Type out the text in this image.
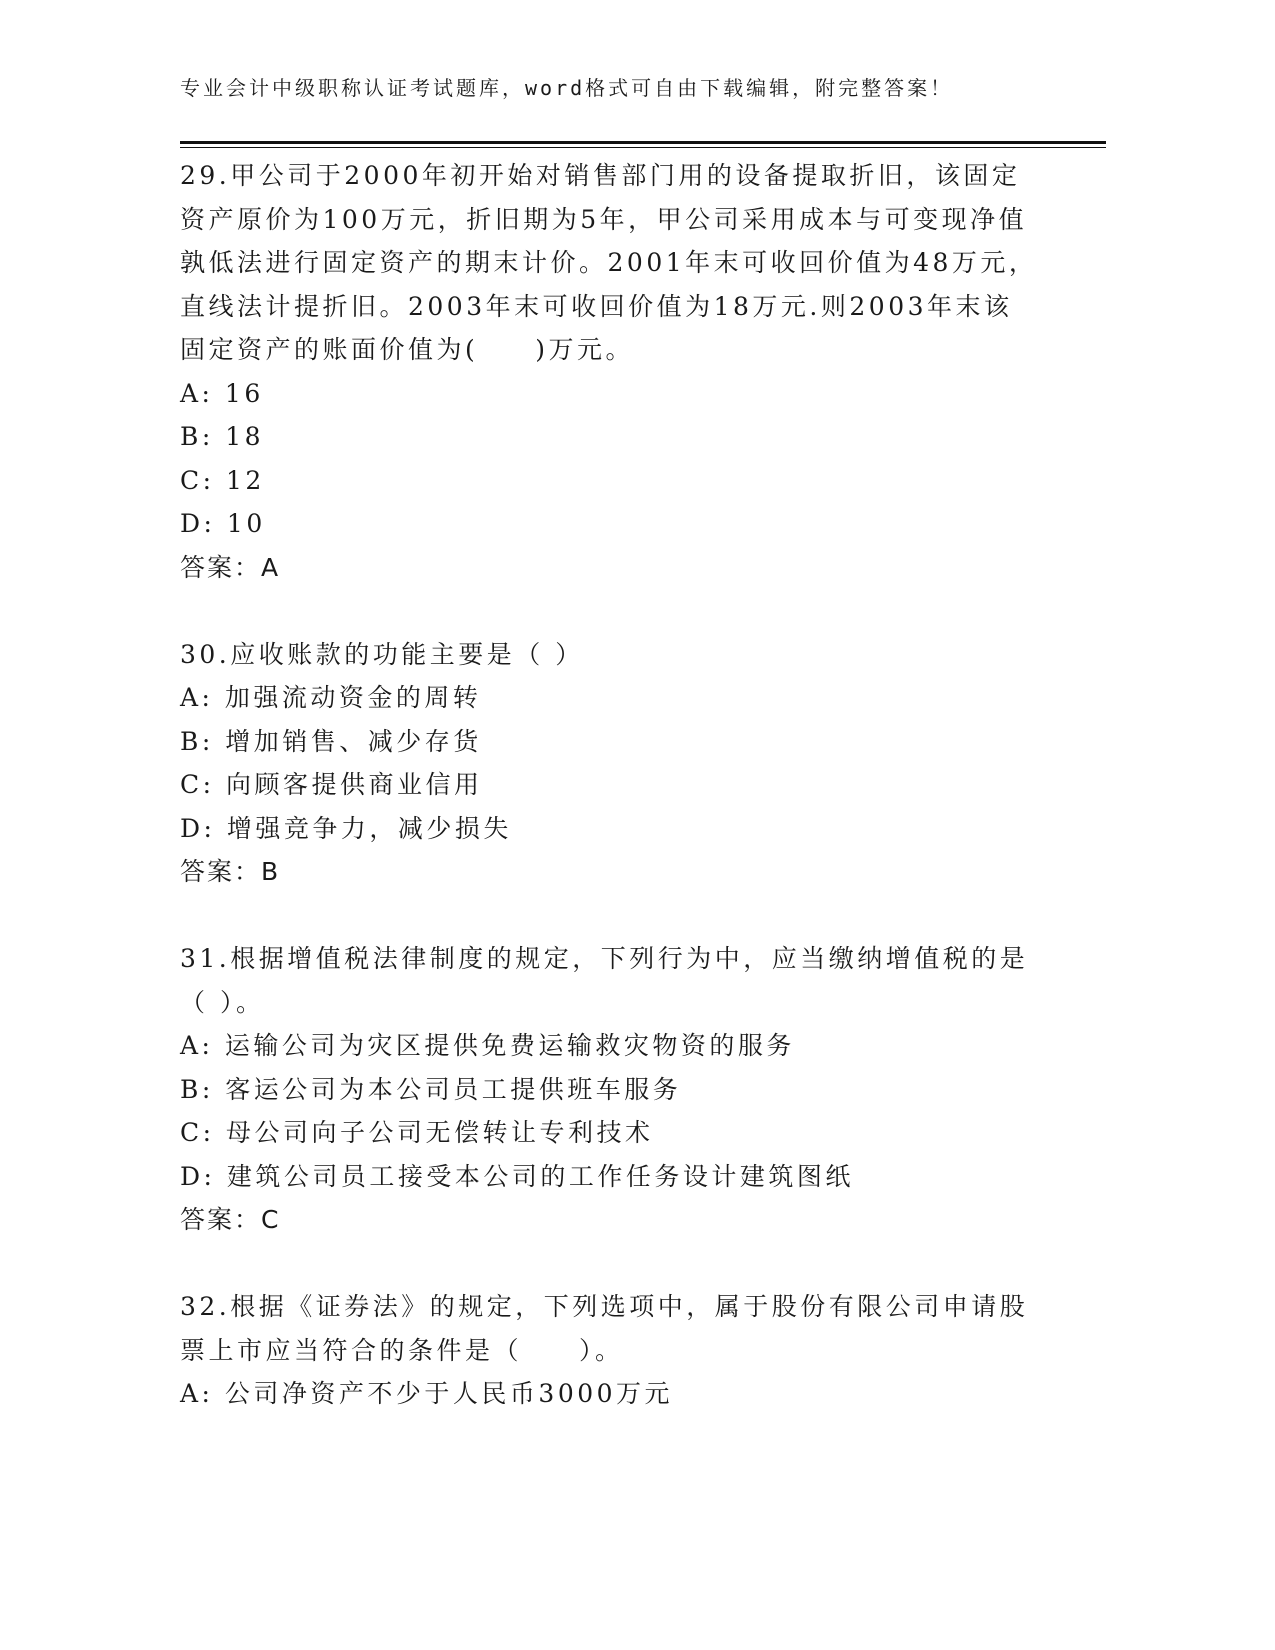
专业会计中级职称认证考试题库，word格式可自由下载编辑，附完整答案！

29.甲公司于2000年初开始对销售部门用的设备提取折旧，该固定资产原价为100万元，折旧期为5年，甲公司采用成本与可变现净值孰低法进行固定资产的期末计价。2001年末可收回价值为48万元，直线法计提折旧。2003年末可收回价值为18万元.则2003年末该固定资产的账面价值为(　　)万元。

A: 16

B: 18

C: 12

D: 10

答案：A

30.应收账款的功能主要是（ ）

A: 加强流动资金的周转

B: 增加销售、减少存货

C: 向顾客提供商业信用

D: 增强竞争力，减少损失

答案：B

31.根据增值税法律制度的规定，下列行为中，应当缴纳增值税的是（ ）。

A: 运输公司为灾区提供免费运输救灾物资的服务

B: 客运公司为本公司员工提供班车服务

C: 母公司向子公司无偿转让专利技术

D: 建筑公司员工接受本公司的工作任务设计建筑图纸

答案：C

32.根据《证券法》的规定，下列选项中，属于股份有限公司申请股票上市应当符合的条件是（　　）。

A: 公司净资产不少于人民币3000万元
